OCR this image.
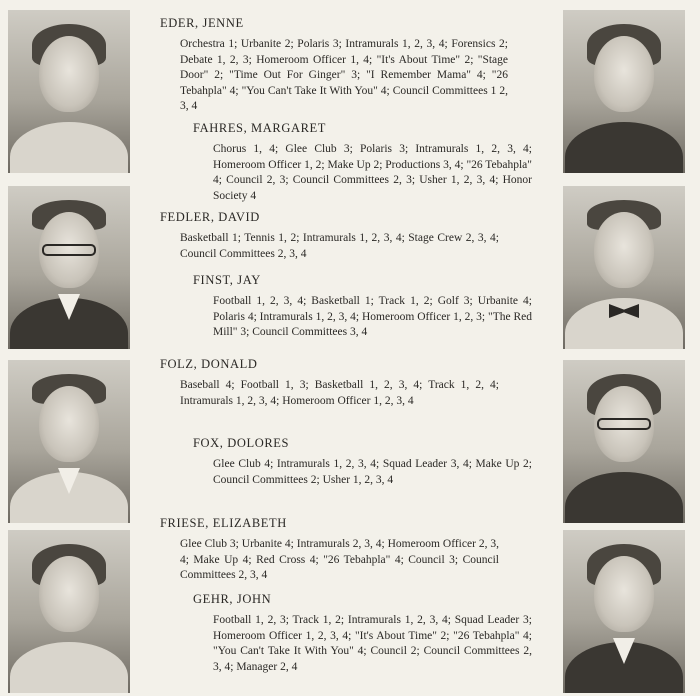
EDER, JENNE
Orchestra 1; Urbanite 2; Polaris 3; Intramurals 1, 2, 3, 4; Forensics 2; Debate 1, 2, 3; Homeroom Officer 1, 4; "It's About Time" 2; "Stage Door" 2; "Time Out For Ginger" 3; "I Remember Mama" 4; "26 Tebahpla" 4; "You Can't Take It With You" 4; Council Committees 1 2, 3, 4
FAHRES, MARGARET
Chorus 1, 4; Glee Club 3; Polaris 3; Intramurals 1, 2, 3, 4; Homeroom Officer 1, 2; Make Up 2; Productions 3, 4; "26 Tebahpla" 4; Council 2, 3; Council Committees 2, 3; Usher 1, 2, 3, 4; Honor Society 4
FEDLER, DAVID
Basketball 1; Tennis 1, 2; Intramurals 1, 2, 3, 4; Stage Crew 2, 3, 4; Council Committees 2, 3, 4
FINST, JAY
Football 1, 2, 3, 4; Basketball 1; Track 1, 2; Golf 3; Urbanite 4; Polaris 4; Intramurals 1, 2, 3, 4; Homeroom Officer 1, 2, 3; "The Red Mill" 3; Council Committees 3, 4
FOLZ, DONALD
Baseball 4; Football 1, 3; Basketball 1, 2, 3, 4; Track 1, 2, 4; Intramurals 1, 2, 3, 4; Homeroom Officer 1, 2, 3, 4
FOX, DOLORES
Glee Club 4; Intramurals 1, 2, 3, 4; Squad Leader 3, 4; Make Up 2; Council Committees 2; Usher 1, 2, 3, 4
FRIESE, ELIZABETH
Glee Club 3; Urbanite 4; Intramurals 2, 3, 4; Homeroom Officer 2, 3, 4; Make Up 4; Red Cross 4; "26 Tebahpla" 4; Council 3; Council Committees 2, 3, 4
GEHR, JOHN
Football 1, 2, 3; Track 1, 2; Intramurals 1, 2, 3, 4; Squad Leader 3; Homeroom Officer 1, 2, 3, 4; "It's About Time" 2; "26 Tebahpla" 4; "You Can't Take It With You" 4; Council 2; Council Committees 2, 3, 4; Manager 2, 4
